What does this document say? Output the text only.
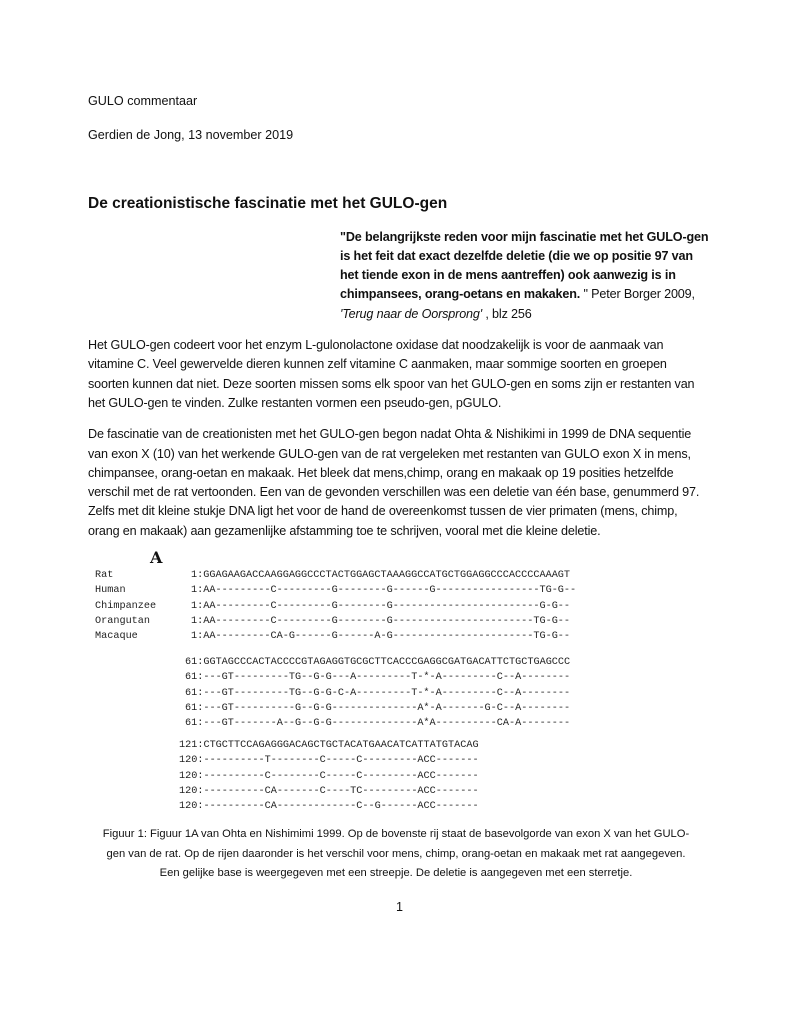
GULO commentaar

Gerdien de Jong, 13 november 2019

De creationistische fascinatie met het GULO-gen

"De belangrijkste reden voor mijn fascinatie met het GULO-gen is het feit dat exact dezelfde deletie (die we op positie 97 van het tiende exon in de mens aantreffen) ook aanwezig is in chimpansees, orang-oetans en makaken. " Peter Borger 2009, 'Terug naar de Oorsprong' , blz 256

Het GULO-gen codeert voor het enzym L-gulonolactone oxidase dat noodzakelijk is voor de aanmaak van vitamine C. Veel gewervelde dieren kunnen zelf vitamine C aanmaken, maar sommige soorten en groepen soorten kunnen dat niet. Deze soorten missen soms elk spoor van het GULO-gen en soms zijn er restanten van het GULO-gen te vinden. Zulke restanten vormen een pseudo-gen, pGULO.

De fascinatie van de creationisten met het GULO-gen begon nadat Ohta & Nishikimi in 1999 de DNA sequentie van exon X (10) van het werkende GULO-gen van de rat vergeleken met restanten van GULO exon X in mens, chimpansee, orang-oetan en makaak. Het bleek dat mens,chimp, orang en makaak op 19 posities hetzelfde verschil met de rat vertoonden. Een van de gevonden verschillen was een deletie van één base, genummerd 97. Zelfs met dit kleine stukje DNA ligt het voor de hand de overeenkomst tussen de vier primaten (mens, chimp, orang en makaak) aan gezamenlijke afstamming toe te schrijven, vooral met die kleine deletie.

A
Rat	1:GGAGAAGACCAAGGAGGCCCTACTGGAGCTAAAGGCCATGCTGGAGGCCCACCCCAAAGT
Human	1:AA---------C---------G--------G------G-----------------TG-G--
Chimpanzee	1:AA---------C---------G--------G------------------------G-G--
Orangutan	1:AA---------C---------G--------G-----------------------TG-G--
Macaque	1:AA---------CA-G------G------A-G-----------------------TG-G--
61:GGTAGCCCACTACCCCGTAGAGGTGCGCTTCACCCGAGGCGATGACATTCTGCTGAGCCC
61:---GT---------TG--G-G---A---------T-*-A---------C--A--------
61:---GT---------TG--G-G-C-A---------T-*-A---------C--A--------
61:---GT----------G--G-G--------------A*-A-------G-C--A--------
61:---GT-------A--G--G-G--------------A*A----------CA-A--------
121:CTGCTTCCAGAGGGACAGCTGCTACATGAACATCATTATGTACAG
120:----------T--------C-----C---------ACC-------
120:----------C--------C-----C---------ACC-------
120:----------CA-------C----TC---------ACC-------
120:----------CA-------------C--G------ACC-------

Figuur 1: Figuur 1A van Ohta en Nishimimi 1999. Op de bovenste rij staat de basevolgorde van exon X van het GULO-gen van de rat. Op de rijen daaronder is het verschil voor mens, chimp, orang-oetan en makaak met rat aangegeven. Een gelijke base is weergegeven met een streepje. De deletie is aangegeven met een sterretje.

1
